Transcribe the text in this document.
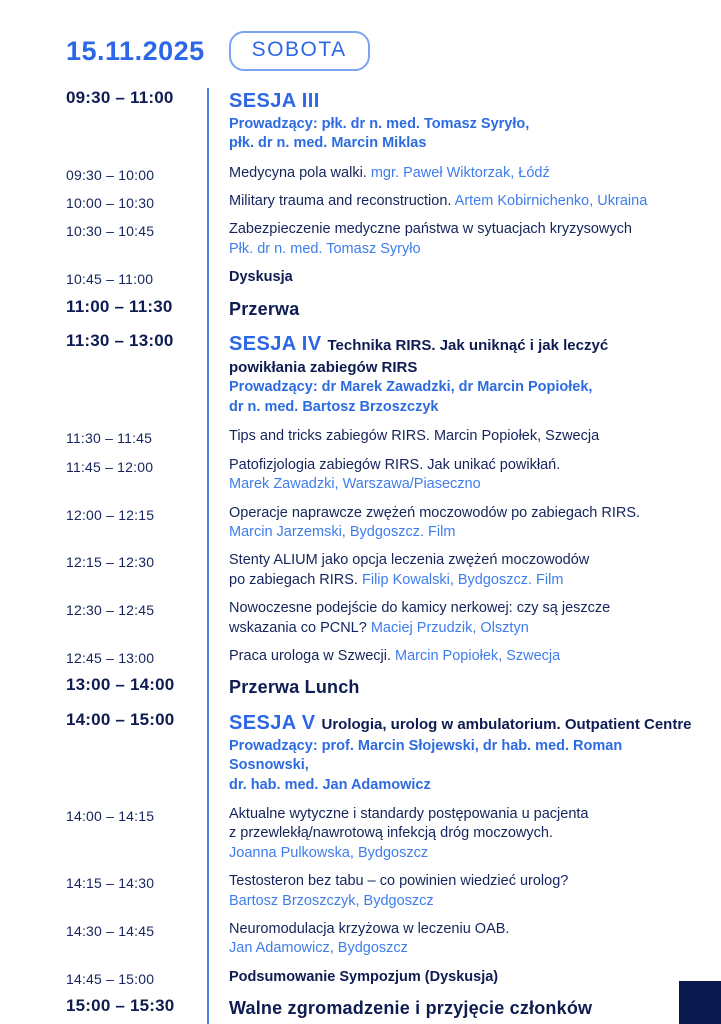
15.11.2025	SOBOTA
09:30 – 11:00	SESJA III
Prowadzący: płk. dr n. med. Tomasz Syryło,
płk. dr n. med. Marcin Miklas
09:30 – 10:00	Medycyna pola walki. mgr. Paweł Wiktorzak, Łódź
10:00 – 10:30	Military trauma and reconstruction. Artem Kobirnichenko, Ukraina
10:30 – 10:45	Zabezpieczenie medyczne państwa w sytuacjach kryzysowych
Płk. dr n. med. Tomasz Syryło
10:45 – 11:00	Dyskusja
11:00 – 11:30	Przerwa
11:30 – 13:00	SESJA IV Technika RIRS. Jak uniknąć i jak leczyć
powikłania zabiegów RIRS
Prowadzący: dr Marek Zawadzki, dr Marcin Popiołek,
dr n. med. Bartosz Brzoszczyk
11:30 – 11:45	Tips and tricks zabiegów RIRS. Marcin Popiołek, Szwecja
11:45 – 12:00	Patofizjologia zabiegów RIRS. Jak unikać powikłań.
Marek Zawadzki, Warszawa/Piaseczno
12:00 – 12:15	Operacje naprawcze zwężeń moczowodów po zabiegach RIRS.
Marcin Jarzemski, Bydgoszcz. Film
12:15 – 12:30	Stenty ALIUM jako opcja leczenia zwężeń moczowodów
po zabiegach RIRS. Filip Kowalski, Bydgoszcz. Film
12:30 – 12:45	Nowoczesne podejście do kamicy nerkowej: czy są jeszcze
wskazania co PCNL? Maciej Przudzik, Olsztyn
12:45 – 13:00	Praca urologa w Szwecji. Marcin Popiołek, Szwecja
13:00 – 14:00	Przerwa Lunch
14:00 – 15:00	SESJA V Urologia, urolog w ambulatorium. Outpatient Centre
Prowadzący: prof. Marcin Słojewski, dr hab. med. Roman Sosnowski,
dr. hab. med. Jan Adamowicz
14:00 – 14:15	Aktualne wytyczne i standardy postępowania u pacjenta
z przewlekłą/nawrotową infekcją dróg moczowych.
Joanna Pulkowska, Bydgoszcz
14:15 – 14:30	Testosteron bez tabu – co powinien wiedzieć urolog?
Bartosz Brzoszczyk, Bydgoszcz
14:30 – 14:45	Neuromodulacja krzyżowa w leczeniu OAB.
Jan Adamowicz, Bydgoszcz
14:45 – 15:00	Podsumowanie Sympozjum (Dyskusja)
15:00 – 15:30	Walne zgromadzenie i przyjęcie członków
